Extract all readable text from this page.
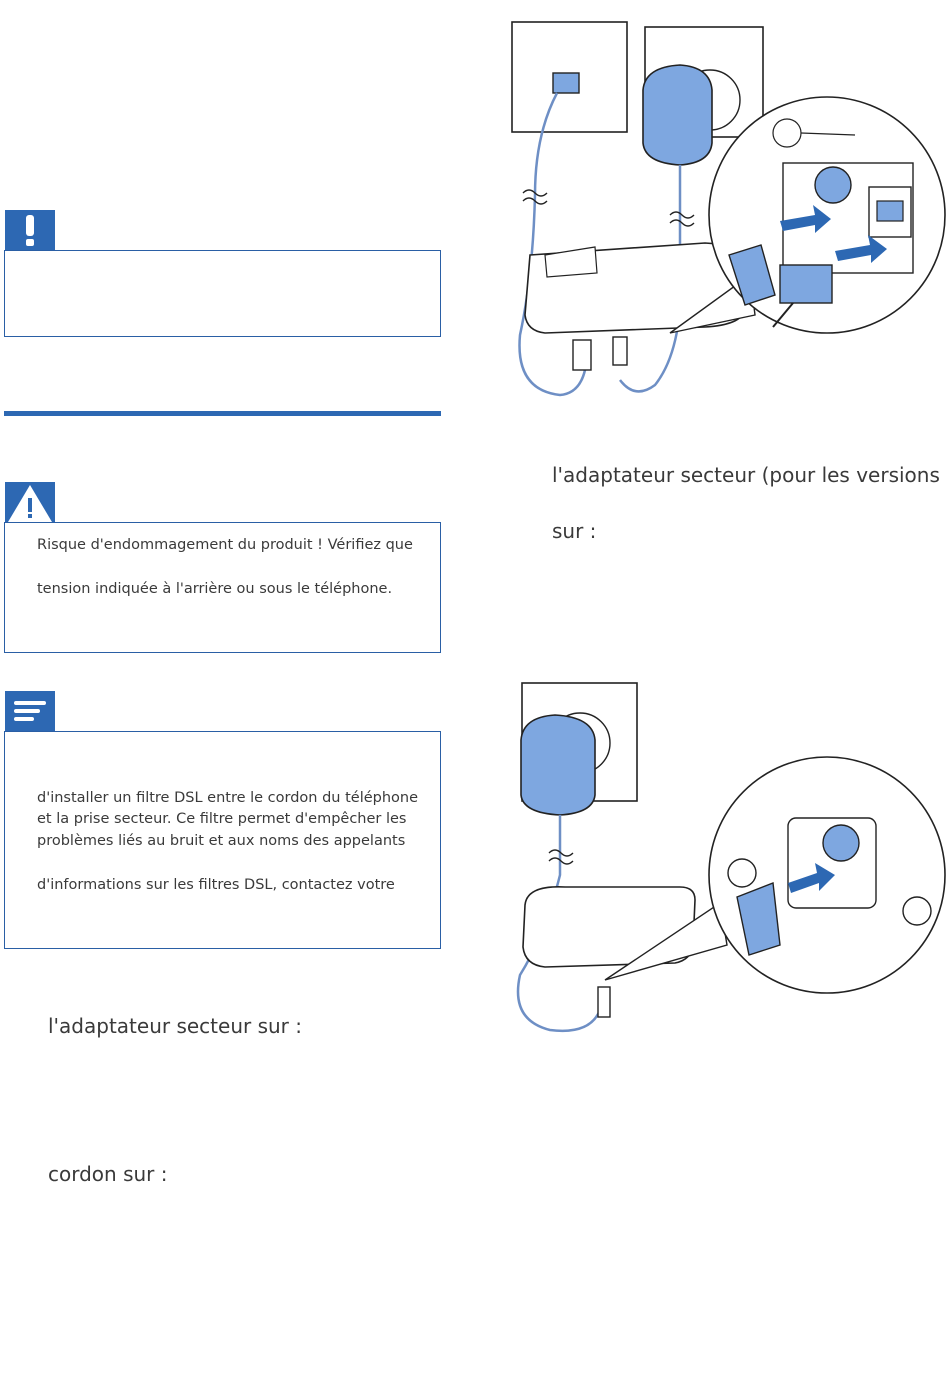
Risque d'endommagement du produit ! Vérifiez que
tension indiquée à l'arrière ou sous le téléphone.
d'installer un filtre DSL entre le cordon du téléphone
et la prise secteur. Ce filtre permet d'empêcher les
problèmes liés au bruit et aux noms des appelants
d'informations sur les filtres DSL, contactez votre
l'adaptateur secteur sur :
cordon sur :
l'adaptateur secteur (pour les versions
sur :
